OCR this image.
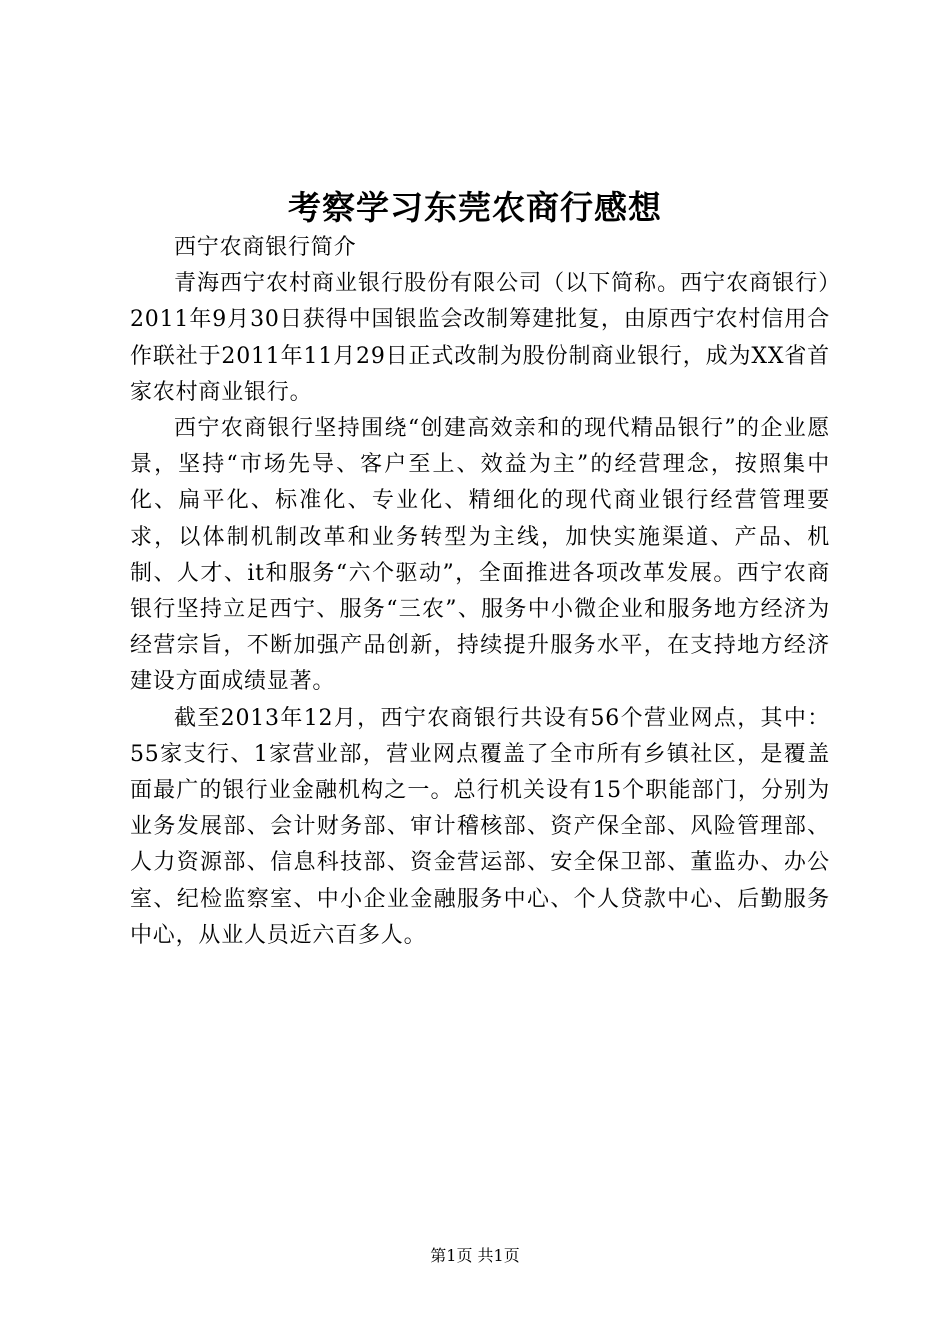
考察学习东莞农商行感想

西宁农商银行简介

青海西宁农村商业银行股份有限公司（以下简称。西宁农商银行）2011年9月30日获得中国银监会改制筹建批复，由原西宁农村信用合作联社于2011年11月29日正式改制为股份制商业银行，成为XX省首家农村商业银行。

西宁农商银行坚持围绕“创建高效亲和的现代精品银行”的企业愿景，坚持“市场先导、客户至上、效益为主”的经营理念，按照集中化、扁平化、标准化、专业化、精细化的现代商业银行经营管理要求，以体制机制改革和业务转型为主线，加快实施渠道、产品、机制、人才、it和服务“六个驱动”，全面推进各项改革发展。西宁农商银行坚持立足西宁、服务“三农”、服务中小微企业和服务地方经济为经营宗旨，不断加强产品创新，持续提升服务水平，在支持地方经济建设方面成绩显著。

截至2013年12月，西宁农商银行共设有56个营业网点，其中：55家支行、1家营业部，营业网点覆盖了全市所有乡镇社区，是覆盖面最广的银行业金融机构之一。总行机关设有15个职能部门，分别为业务发展部、会计财务部、审计稽核部、资产保全部、风险管理部、人力资源部、信息科技部、资金营运部、安全保卫部、董监办、办公室、纪检监察室、中小企业金融服务中心、个人贷款中心、后勤服务中心，从业人员近六百多人。

第1页 共1页
